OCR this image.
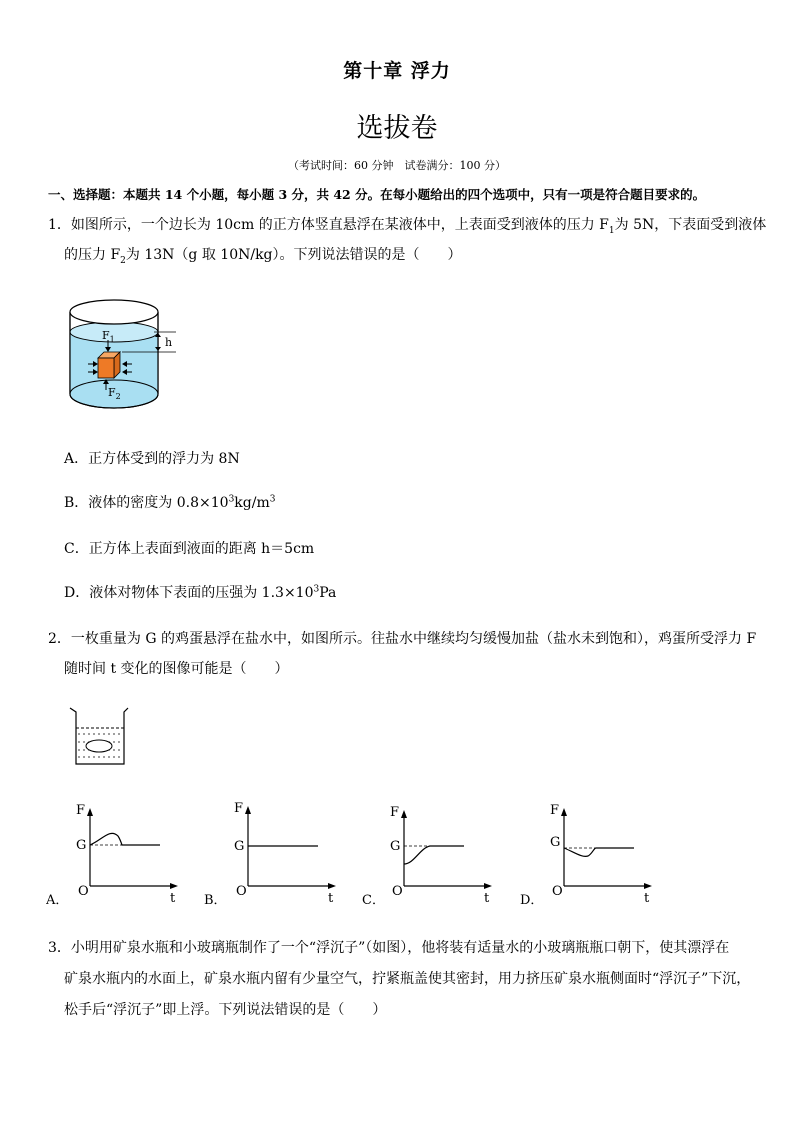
第十章 浮力
选拔卷
（考试时间：60 分钟　试卷满分：100 分）
一、选择题：本题共 14 个小题，每小题 3 分，共 42 分。在每小题给出的四个选项中，只有一项是符合题目要求的。
1．如图所示，一个边长为 10cm 的正方体竖直悬浮在某液体中，上表面受到液体的压力 $F_1$为 5N，下表面受到液体
的压力 $F_2$为 13N（g 取 10N/kg）。下列说法错误的是（　　）
h
$F_1$
$F_2$
A．正方体受到的浮力为 8N
B．液体的密度为 $0.8\times 10^3kg/m^3$
C．正方体上表面到液面的距离 h＝5cm
D．液体对物体下表面的压强为 $1.3\times 10^3Pa$
2．一枚重量为 G 的鸡蛋悬浮在盐水中，如图所示。往盐水中继续均匀缓慢加盐（盐水未到饱和），鸡蛋所受浮力 F
随时间 t 变化的图像可能是（　　）
F
G
O	t
A．
F
G
O	t
B．
F
G
O	t
C．
F
G
O	t
D．
3．小明用矿泉水瓶和小玻璃瓶制作了一个“浮沉子”（如图），他将装有适量水的小玻璃瓶瓶口朝下，使其漂浮在
矿泉水瓶内的水面上，矿泉水瓶内留有少量空气，拧紧瓶盖使其密封，用力挤压矿泉水瓶侧面时“浮沉子”下沉，
松手后“浮沉子”即上浮。下列说法错误的是（　　）
